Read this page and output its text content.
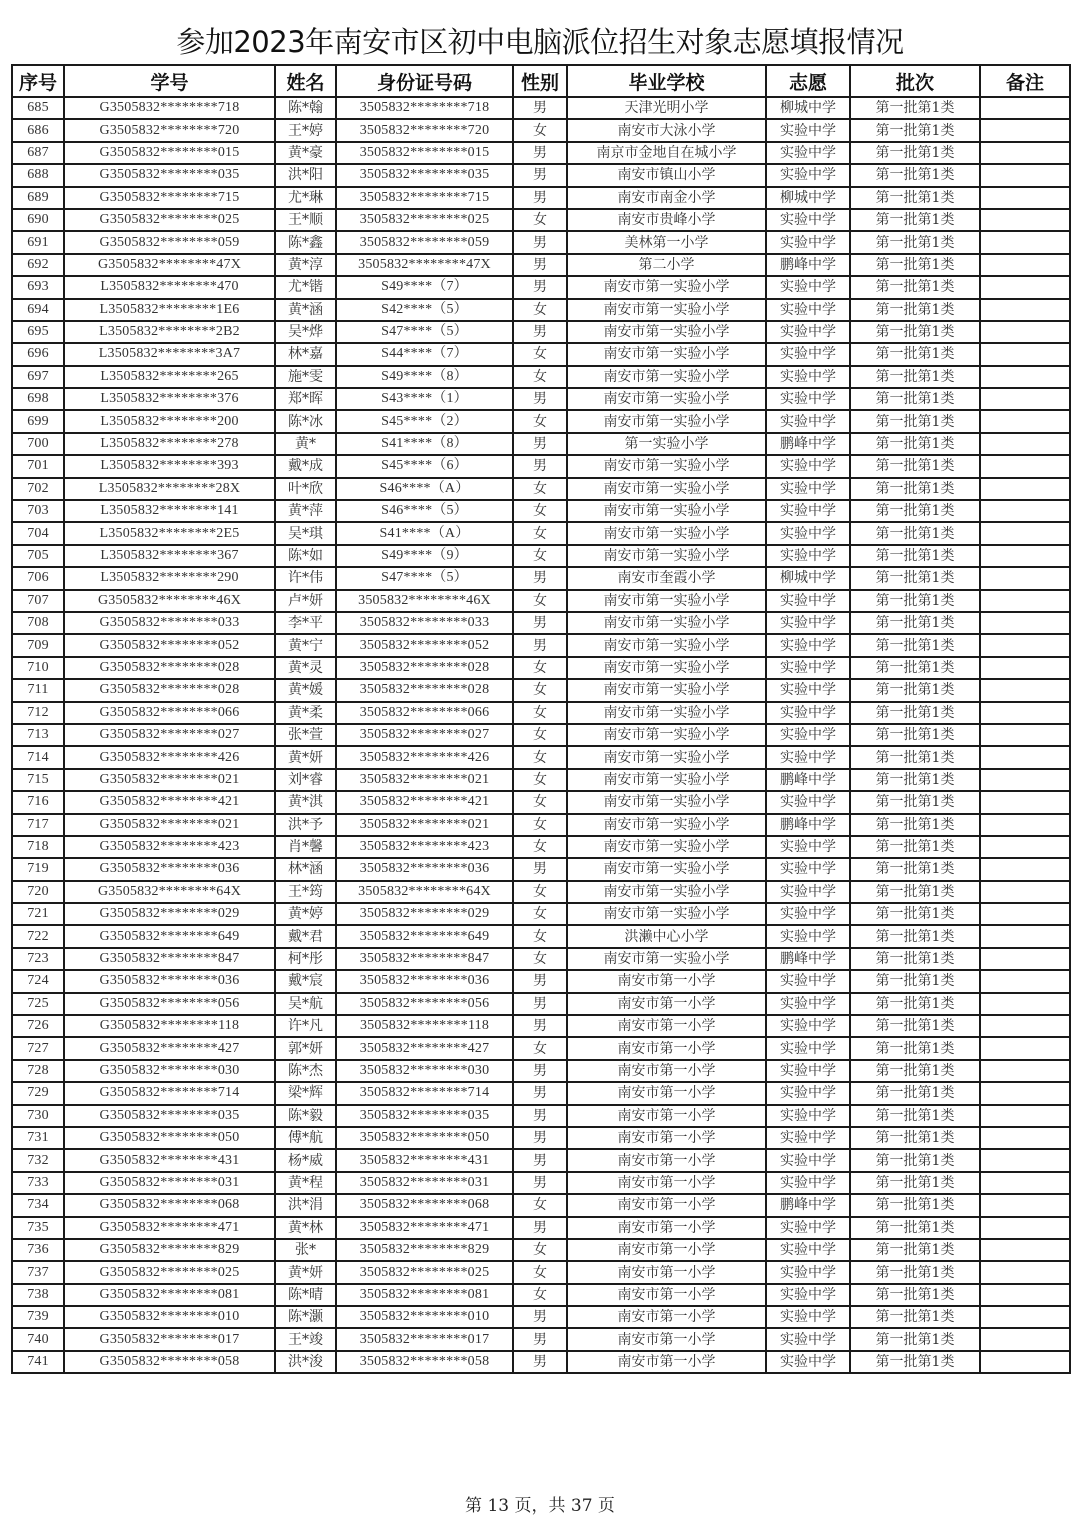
参加2023年南安市区初中电脑派位招生对象志愿填报情况
序号	学号	姓名	身份证号码	性别	毕业学校	志愿	批次	备注
685	G3505832********718	陈*翰	3505832********718	男	天津光明小学	柳城中学	第一批第1类	
686	G3505832********720	王*婷	3505832********720	女	南安市大泳小学	实验中学	第一批第1类	
687	G3505832********015	黄*豪	3505832********015	男	南京市金地自在城小学	实验中学	第一批第1类	
688	G3505832********035	洪*阳	3505832********035	男	南安市镇山小学	实验中学	第一批第1类	
689	G3505832********715	尤*琳	3505832********715	男	南安市南金小学	柳城中学	第一批第1类	
690	G3505832********025	王*顺	3505832********025	女	南安市贵峰小学	实验中学	第一批第1类	
691	G3505832********059	陈*鑫	3505832********059	男	美林第一小学	实验中学	第一批第1类	
692	G3505832********47X	黄*淳	3505832********47X	男	第二小学	鹏峰中学	第一批第1类	
693	L3505832********470	尤*锴	S49****（7）	男	南安市第一实验小学	实验中学	第一批第1类	
694	L3505832********1E6	黄*涵	S42****（5）	女	南安市第一实验小学	实验中学	第一批第1类	
695	L3505832********2B2	吴*烨	S47****（5）	男	南安市第一实验小学	实验中学	第一批第1类	
696	L3505832********3A7	林*嘉	S44****（7）	女	南安市第一实验小学	实验中学	第一批第1类	
697	L3505832********265	施*雯	S49****（8）	女	南安市第一实验小学	实验中学	第一批第1类	
698	L3505832********376	郑*晖	S43****（1）	男	南安市第一实验小学	实验中学	第一批第1类	
699	L3505832********200	陈*冰	S45****（2）	女	南安市第一实验小学	实验中学	第一批第1类	
700	L3505832********278	黄*	S41****（8）	男	第一实验小学	鹏峰中学	第一批第1类	
701	L3505832********393	戴*成	S45****（6）	男	南安市第一实验小学	实验中学	第一批第1类	
702	L3505832********28X	叶*欣	S46****（A）	女	南安市第一实验小学	实验中学	第一批第1类	
703	L3505832********141	黄*萍	S46****（5）	女	南安市第一实验小学	实验中学	第一批第1类	
704	L3505832********2E5	吴*琪	S41****（A）	女	南安市第一实验小学	实验中学	第一批第1类	
705	L3505832********367	陈*如	S49****（9）	女	南安市第一实验小学	实验中学	第一批第1类	
706	L3505832********290	许*伟	S47****（5）	男	南安市奎霞小学	柳城中学	第一批第1类	
707	G3505832********46X	卢*妍	3505832********46X	女	南安市第一实验小学	实验中学	第一批第1类	
708	G3505832********033	李*平	3505832********033	男	南安市第一实验小学	实验中学	第一批第1类	
709	G3505832********052	黄*宁	3505832********052	男	南安市第一实验小学	实验中学	第一批第1类	
710	G3505832********028	黄*灵	3505832********028	女	南安市第一实验小学	实验中学	第一批第1类	
711	G3505832********028	黄*媛	3505832********028	女	南安市第一实验小学	实验中学	第一批第1类	
712	G3505832********066	黄*柔	3505832********066	女	南安市第一实验小学	实验中学	第一批第1类	
713	G3505832********027	张*萱	3505832********027	女	南安市第一实验小学	实验中学	第一批第1类	
714	G3505832********426	黄*妍	3505832********426	女	南安市第一实验小学	实验中学	第一批第1类	
715	G3505832********021	刘*睿	3505832********021	女	南安市第一实验小学	鹏峰中学	第一批第1类	
716	G3505832********421	黄*淇	3505832********421	女	南安市第一实验小学	实验中学	第一批第1类	
717	G3505832********021	洪*予	3505832********021	女	南安市第一实验小学	鹏峰中学	第一批第1类	
718	G3505832********423	肖*馨	3505832********423	女	南安市第一实验小学	实验中学	第一批第1类	
719	G3505832********036	林*涵	3505832********036	男	南安市第一实验小学	实验中学	第一批第1类	
720	G3505832********64X	王*筠	3505832********64X	女	南安市第一实验小学	实验中学	第一批第1类	
721	G3505832********029	黄*婷	3505832********029	女	南安市第一实验小学	实验中学	第一批第1类	
722	G3505832********649	戴*君	3505832********649	女	洪濑中心小学	实验中学	第一批第1类	
723	G3505832********847	柯*彤	3505832********847	女	南安市第一实验小学	鹏峰中学	第一批第1类	
724	G3505832********036	戴*宸	3505832********036	男	南安市第一小学	实验中学	第一批第1类	
725	G3505832********056	吴*航	3505832********056	男	南安市第一小学	实验中学	第一批第1类	
726	G3505832********118	许*凡	3505832********118	男	南安市第一小学	实验中学	第一批第1类	
727	G3505832********427	郭*妍	3505832********427	女	南安市第一小学	实验中学	第一批第1类	
728	G3505832********030	陈*杰	3505832********030	男	南安市第一小学	实验中学	第一批第1类	
729	G3505832********714	梁*辉	3505832********714	男	南安市第一小学	实验中学	第一批第1类	
730	G3505832********035	陈*毅	3505832********035	男	南安市第一小学	实验中学	第一批第1类	
731	G3505832********050	傅*航	3505832********050	男	南安市第一小学	实验中学	第一批第1类	
732	G3505832********431	杨*威	3505832********431	男	南安市第一小学	实验中学	第一批第1类	
733	G3505832********031	黄*程	3505832********031	男	南安市第一小学	实验中学	第一批第1类	
734	G3505832********068	洪*涓	3505832********068	女	南安市第一小学	鹏峰中学	第一批第1类	
735	G3505832********471	黄*林	3505832********471	男	南安市第一小学	实验中学	第一批第1类	
736	G3505832********829	张*	3505832********829	女	南安市第一小学	实验中学	第一批第1类	
737	G3505832********025	黄*妍	3505832********025	女	南安市第一小学	实验中学	第一批第1类	
738	G3505832********081	陈*晴	3505832********081	女	南安市第一小学	实验中学	第一批第1类	
739	G3505832********010	陈*灏	3505832********010	男	南安市第一小学	实验中学	第一批第1类	
740	G3505832********017	王*竣	3505832********017	男	南安市第一小学	实验中学	第一批第1类	
741	G3505832********058	洪*浚	3505832********058	男	南安市第一小学	实验中学	第一批第1类	
第 13 页，共 37 页
